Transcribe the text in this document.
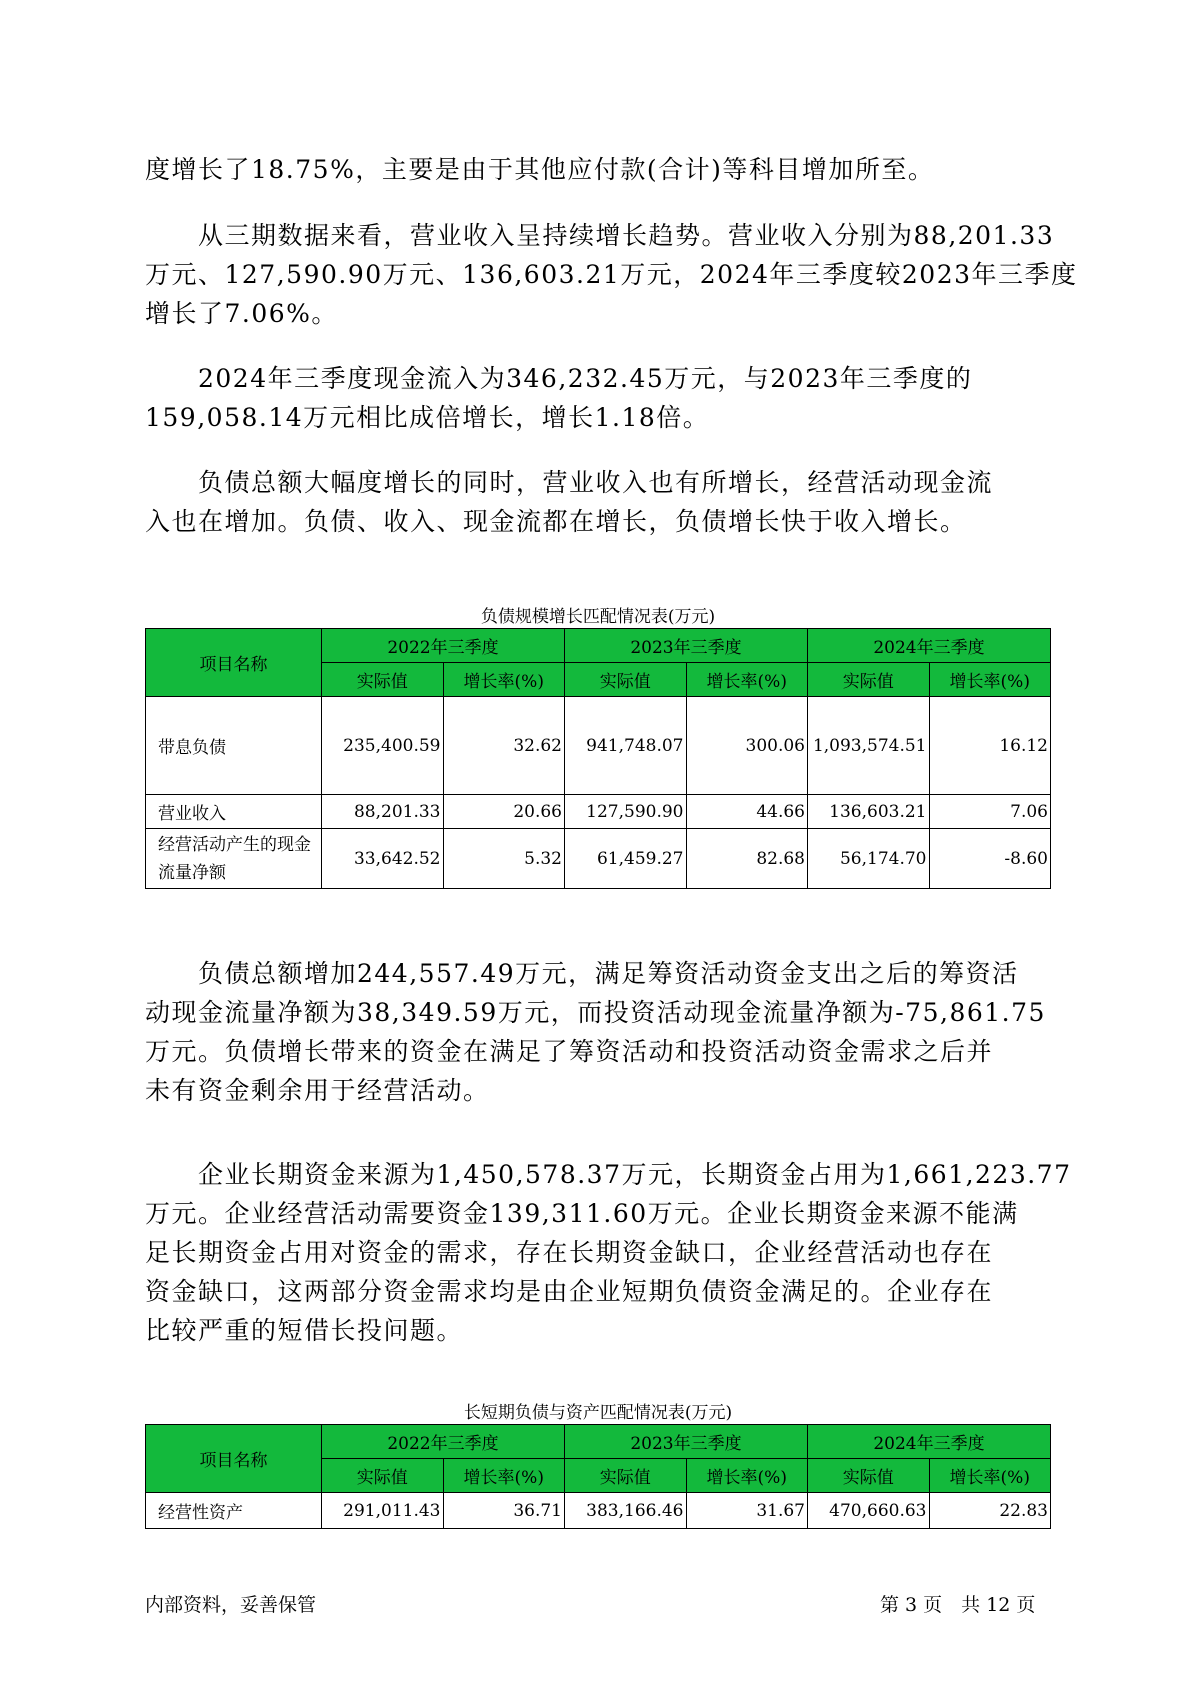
度增长了18.75%，主要是由于其他应付款(合计)等科目增加所至。
　　从三期数据来看，营业收入呈持续增长趋势。营业收入分别为88,201.33
万元、127,590.90万元、136,603.21万元，2024年三季度较2023年三季度
增长了7.06%。
　　2024年三季度现金流入为346,232.45万元，与2023年三季度的
159,058.14万元相比成倍增长，增长1.18倍。
　　负债总额大幅度增长的同时，营业收入也有所增长，经营活动现金流
入也在增加。负债、收入、现金流都在增长，负债增长快于收入增长。
负债规模增长匹配情况表(万元)
项目名称	2022年三季度		2023年三季度		2024年三季度	
	实际值	增长率(%)	实际值	增长率(%)	实际值	增长率(%)
带息负债	235,400.59	32.62	941,748.07	300.06	1,093,574.51	16.12
营业收入	88,201.33	20.66	127,590.90	44.66	136,603.21	7.06
经营活动产生的现金流量净额	33,642.52	5.32	61,459.27	82.68	56,174.70	-8.60
　　负债总额增加244,557.49万元，满足筹资活动资金支出之后的筹资活
动现金流量净额为38,349.59万元，而投资活动现金流量净额为-75,861.75
万元。负债增长带来的资金在满足了筹资活动和投资活动资金需求之后并
未有资金剩余用于经营活动。
　　企业长期资金来源为1,450,578.37万元，长期资金占用为1,661,223.77
万元。企业经营活动需要资金139,311.60万元。企业长期资金来源不能满
足长期资金占用对资金的需求，存在长期资金缺口，企业经营活动也存在
资金缺口，这两部分资金需求均是由企业短期负债资金满足的。企业存在
比较严重的短借长投问题。
长短期负债与资产匹配情况表(万元)
项目名称	2022年三季度		2023年三季度		2024年三季度	
	实际值	增长率(%)	实际值	增长率(%)	实际值	增长率(%)
经营性资产	291,011.43	36.71	383,166.46	31.67	470,660.63	22.83
内部资料，妥善保管	第 3 页　共 12 页
